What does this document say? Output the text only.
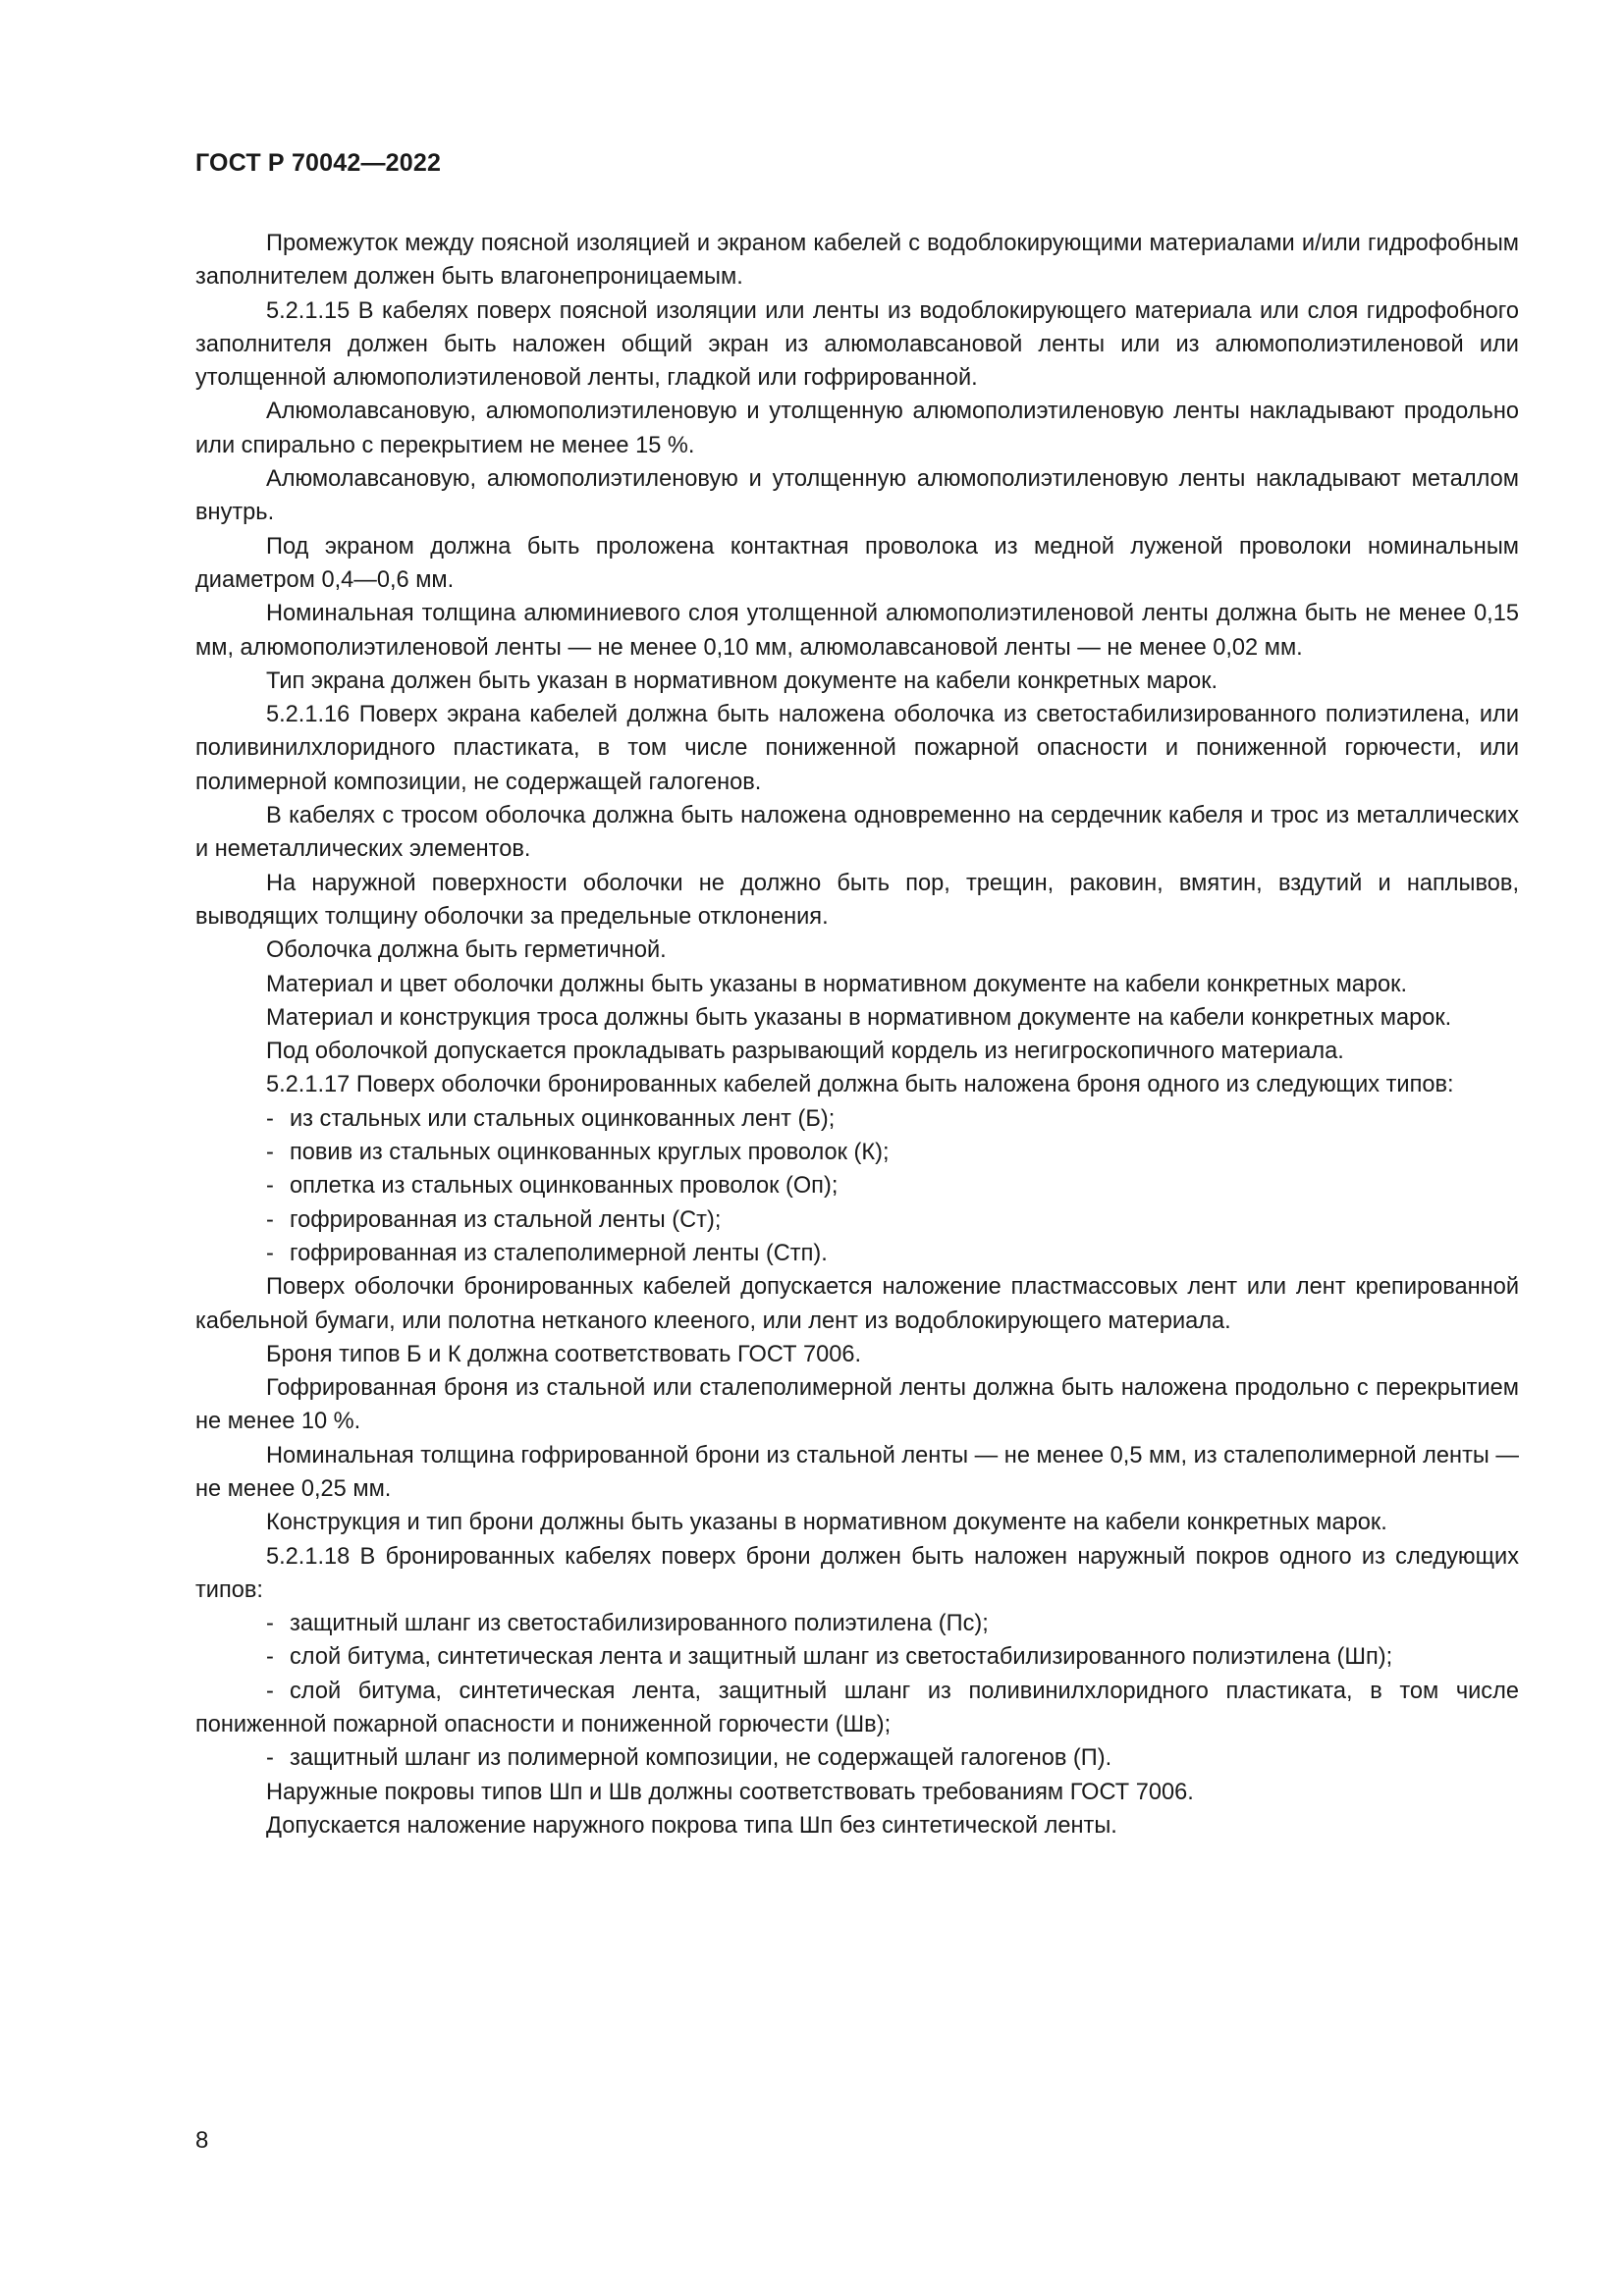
ГОСТ Р 70042—2022

Промежуток между поясной изоляцией и экраном кабелей с водоблокирующими материалами и/или гидрофобным заполнителем должен быть влагонепроницаемым.

5.2.1.15 В кабелях поверх поясной изоляции или ленты из водоблокирующего материала или слоя гидрофобного заполнителя должен быть наложен общий экран из алюмолавсановой ленты или из алюмополиэтиленовой или утолщенной алюмополиэтиленовой ленты, гладкой или гофрированной.

Алюмолавсановую, алюмополиэтиленовую и утолщенную алюмополиэтиленовую ленты накладывают продольно или спирально с перекрытием не менее 15 %.

Алюмолавсановую, алюмополиэтиленовую и утолщенную алюмополиэтиленовую ленты накладывают металлом внутрь.

Под экраном должна быть проложена контактная проволока из медной луженой проволоки номинальным диаметром 0,4—0,6 мм.

Номинальная толщина алюминиевого слоя утолщенной алюмополиэтиленовой ленты должна быть не менее 0,15 мм, алюмополиэтиленовой ленты — не менее 0,10 мм, алюмолавсановой ленты — не менее 0,02 мм.

Тип экрана должен быть указан в нормативном документе на кабели конкретных марок.

5.2.1.16 Поверх экрана кабелей должна быть наложена оболочка из светостабилизированного полиэтилена, или поливинилхлоридного пластиката, в том числе пониженной пожарной опасности и пониженной горючести, или полимерной композиции, не содержащей галогенов.

В кабелях с тросом оболочка должна быть наложена одновременно на сердечник кабеля и трос из металлических и неметаллических элементов.

На наружной поверхности оболочки не должно быть пор, трещин, раковин, вмятин, вздутий и наплывов, выводящих толщину оболочки за предельные отклонения.

Оболочка должна быть герметичной.

Материал и цвет оболочки должны быть указаны в нормативном документе на кабели конкретных марок.

Материал и конструкция троса должны быть указаны в нормативном документе на кабели конкретных марок.

Под оболочкой допускается прокладывать разрывающий кордель из негигроскопичного материала.

5.2.1.17 Поверх оболочки бронированных кабелей должна быть наложена броня одного из следующих типов:

- из стальных или стальных оцинкованных лент (Б);

- повив из стальных оцинкованных круглых проволок (К);

- оплетка из стальных оцинкованных проволок (Оп);

- гофрированная из стальной ленты (Ст);

- гофрированная из сталеполимерной ленты (Стп).

Поверх оболочки бронированных кабелей допускается наложение пластмассовых лент или лент крепированной кабельной бумаги, или полотна нетканого клееного, или лент из водоблокирующего материала.

Броня типов Б и К должна соответствовать ГОСТ 7006.

Гофрированная броня из стальной или сталеполимерной ленты должна быть наложена продольно с перекрытием не менее 10 %.

Номинальная толщина гофрированной брони из стальной ленты — не менее 0,5 мм, из сталеполимерной ленты — не менее 0,25 мм.

Конструкция и тип брони должны быть указаны в нормативном документе на кабели конкретных марок.

5.2.1.18 В бронированных кабелях поверх брони должен быть наложен наружный покров одного из следующих типов:

- защитный шланг из светостабилизированного полиэтилена (Пс);

- слой битума, синтетическая лента и защитный шланг из светостабилизированного полиэтилена (Шп);

- слой битума, синтетическая лента, защитный шланг из поливинилхлоридного пластиката, в том числе пониженной пожарной опасности и пониженной горючести (Шв);

- защитный шланг из полимерной композиции, не содержащей галогенов (П).

Наружные покровы типов Шп и Шв должны соответствовать требованиям ГОСТ 7006.

Допускается наложение наружного покрова типа Шп без синтетической ленты.

8
